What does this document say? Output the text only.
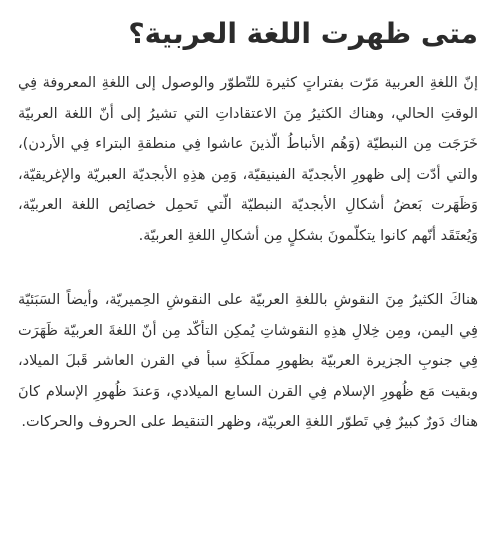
متى ظهرت اللغة العربية؟

إنّ اللغةِ العربية مَرّت بفتراتٍ كثيرة للتّطوّر والوصول إلى اللغةِ المعروفة فِي الوقتِ الحالي، وهناك الكثيرُ مِنَ الاعتقاداتِ التي تشيرُ إلى أنّ اللغة العربيّة خَرَجَت مِن النبطيّة (وَهُم الأنباطُ الّذينَ عاشوا فِي منطقةِ البتراء فِي الأردن)، والتي أدّت إلى ظهورِ الأبجديّة الفينيقيّة، وَمِن هذِهِ الأبجديّة العبريّة والإغريقيّة، وَظَهَرت بَعضُ أشكالِ الأبجديّة النبطيّة الّتي تَحمِل خصائِص اللغة العربيّة، وَيُعتَقَد أنّهم كانوا يتكلّمونَ بشكلٍ مِن أشكالِ اللغةِ العربيّة.

هناكَ الكثيرُ مِنَ النقوشِ باللغةِ العربيّة على النقوشِ الحِميريّة، وأيضاً السَبَئيّة فِي اليمن، ومِن خِلالِ هذِهِ النقوشاتِ يُمكِن التأكّد مِن أنّ اللغةَ العربيّة ظَهَرَت فِي جنوبِ الجزيرة العربيّة بظهورِ مملَكَةِ سبأ في القرن العاشر قَبلَ الميلاد، وبقيت مَع ظُهورِ الإسلام فِي القرن السابع الميلادي، وَعندَ ظُهورِ الإسلام كانَ هناك دَورٌ كبيرٌ فِي تَطوّر اللغةِ العربيّة، وظهر التنقيط على الحروف والحركات.
